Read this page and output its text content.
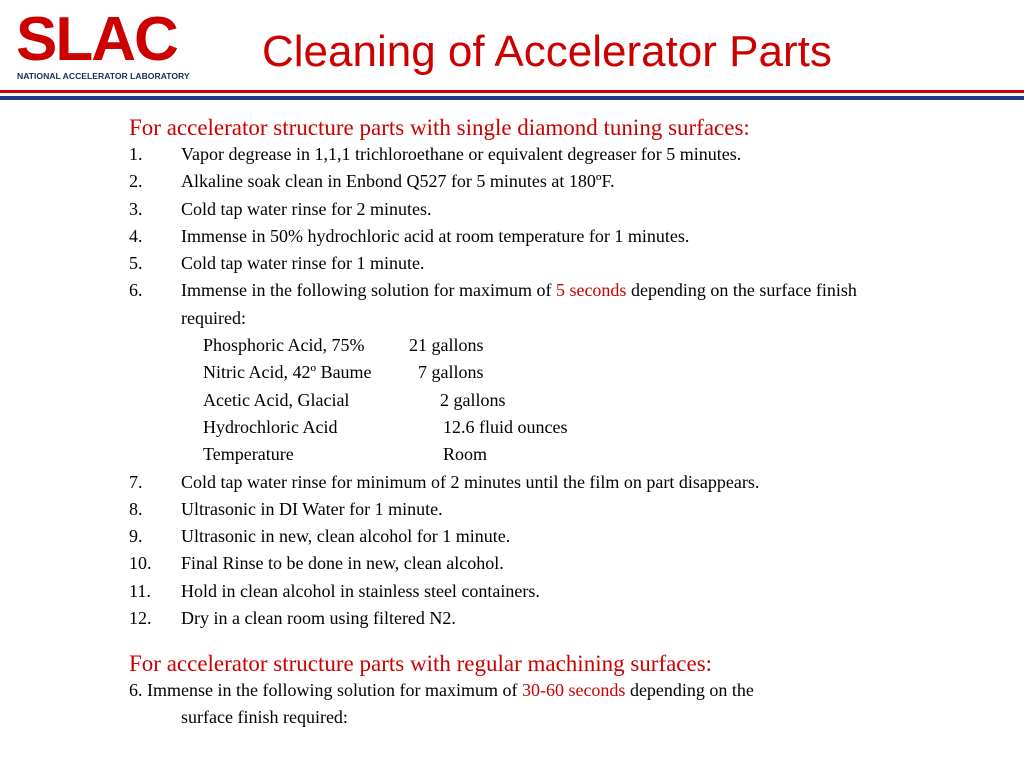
SLAC
NATIONAL ACCELERATOR LABORATORY Cleaning of Accelerator Parts
For accelerator structure parts with single diamond tuning surfaces:
1.	Vapor degrease in 1,1,1 trichloroethane or equivalent degreaser for 5 minutes.
2.	Alkaline soak clean in Enbond Q527 for 5 minutes at 180ºF.
3.	Cold tap water rinse for 2 minutes.
4.	Immense in 50% hydrochloric acid at room temperature for 1 minutes.
5.	Cold tap water rinse for 1 minute.
6.	Immense in the following solution for maximum of 5 seconds depending on the surface finish required:
Phosphoric Acid, 75% 21 gallons
Nitric Acid, 42º Baume	7 gallons
Acetic Acid, Glacial	2 gallons
Hydrochloric Acid	12.6 fluid ounces
Temperature	Room
7.	Cold tap water rinse for minimum of 2 minutes until the film on part disappears.
8.	Ultrasonic in DI Water for 1 minute.
9.	Ultrasonic in new, clean alcohol for 1 minute.
10.	Final Rinse to be done in new, clean alcohol.
11.	Hold in clean alcohol in stainless steel containers.
12.	Dry in a clean room using filtered N2.
For accelerator structure parts with regular machining surfaces:
6. Immense in the following solution for maximum of 30-60 seconds depending on the
surface finish required:
